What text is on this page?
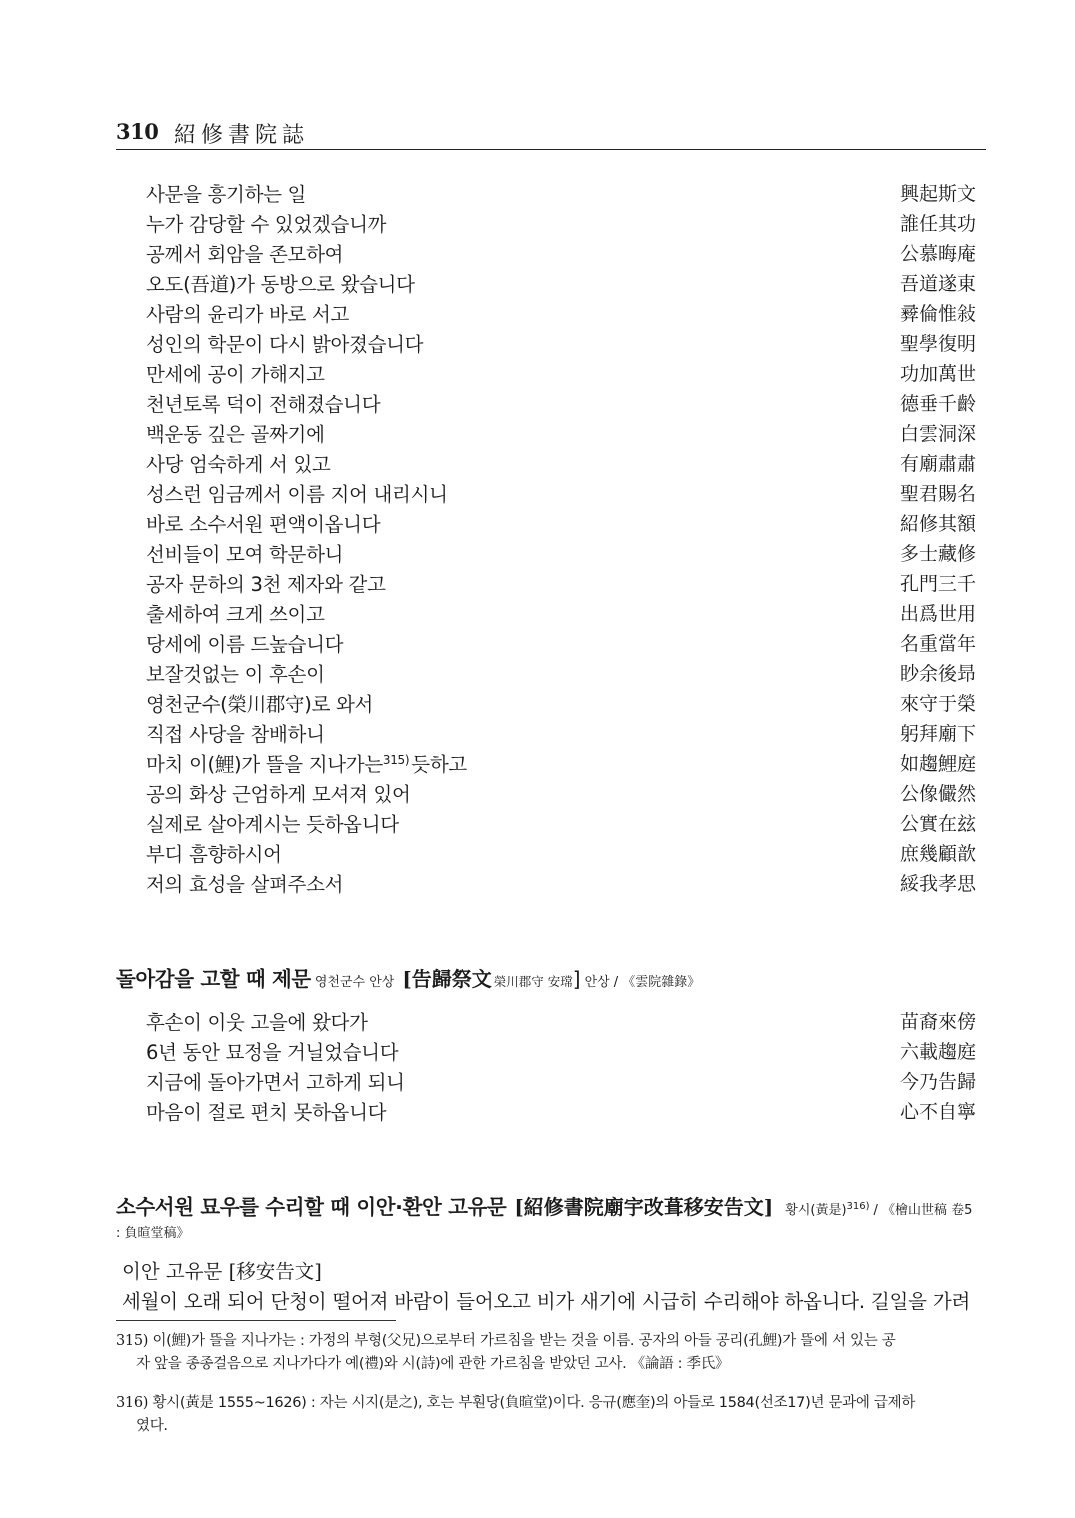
310 紹修書院誌
사문을 흥기하는 일	興起斯文
누가 감당할 수 있었겠습니까	誰任其功
공께서 회암을 존모하여	公慕晦庵
오도(吾道)가 동방으로 왔습니다	吾道遂東
사람의 윤리가 바로 서고	彛倫惟敍
성인의 학문이 다시 밝아졌습니다	聖學復明
만세에 공이 가해지고	功加萬世
천년토록 덕이 전해졌습니다	德垂千齡
백운동 깊은 골짜기에	白雲洞深
사당 엄숙하게 서 있고	有廟肅肅
성스런 임금께서 이름 지어 내리시니	聖君賜名
바로 소수서원 편액이옵니다	紹修其額
선비들이 모여 학문하니	多士藏修
공자 문하의 3천 제자와 같고	孔門三千
출세하여 크게 쓰이고	出爲世用
당세에 이름 드높습니다	名重當年
보잘것없는 이 후손이	眇余後昻
영천군수(榮川郡守)로 와서	來守于榮
직접 사당을 참배하니	躬拜廟下
마치 이(鯉)가 뜰을 지나가는$^{315)}$ 듯하고	如趨鯉庭
공의 화상 근엄하게 모셔져 있어	公像儼然
실제로 살아계시는 듯하옵니다	公實在玆
부디 흠향하시어	庶幾顧歆
저의 효성을 살펴주소서	綏我孝思
돌아감을 고할 때 제문 영천군수 안상 [告歸祭文 榮川郡守 安瑺] 안상 / 《雲院雜錄》
후손이 이웃 고을에 왔다가	苗裔來傍
6년 동안 묘정을 거닐었습니다	六載趨庭
지금에 돌아가면서 고하게 되니	今乃告歸
마음이 절로 편치 못하옵니다	心不自寧
소수서원 묘우를 수리할 때 이안·환안 고유문 [紹修書院廟宇改葺移安告文] 황시(黃是)$^{316)}$ / 《檜山世稿 卷5
: 負暄堂稿》
이안 고유문 [移安告文]
세월이 오래 되어 단청이 떨어져 바람이 들어오고 비가 새기에 시급히 수리해야 하옵니다. 길일을 가려
315) 이(鯉)가 뜰을 지나가는 : 가정의 부형(父兄)으로부터 가르침을 받는 것을 이름. 공자의 아들 공리(孔鯉)가 뜰에 서 있는 공
자 앞을 종종걸음으로 지나가다가 예(禮)와 시(詩)에 관한 가르침을 받았던 고사. 《論語 : 季氏》
316) 황시(黃是 1555~1626) : 자는 시지(是之), 호는 부훤당(負暄堂)이다. 응규(應奎)의 아들로 1584(선조17)년 문과에 급제하
였다.
